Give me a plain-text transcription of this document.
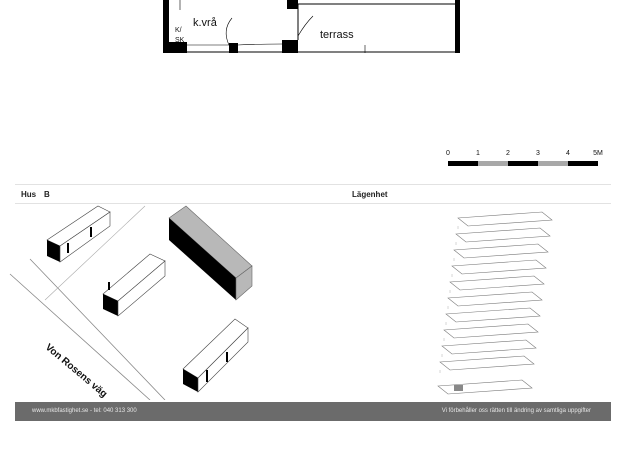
K/
SK
k.vrå
terrass
0	1	2	3	4	5M
Hus B	Lägenhet
Von Rosens väg
www.mkbfastighet.se - tel: 040 313 300	Vi förbehåller oss rätten till ändring av samtliga uppgifter
